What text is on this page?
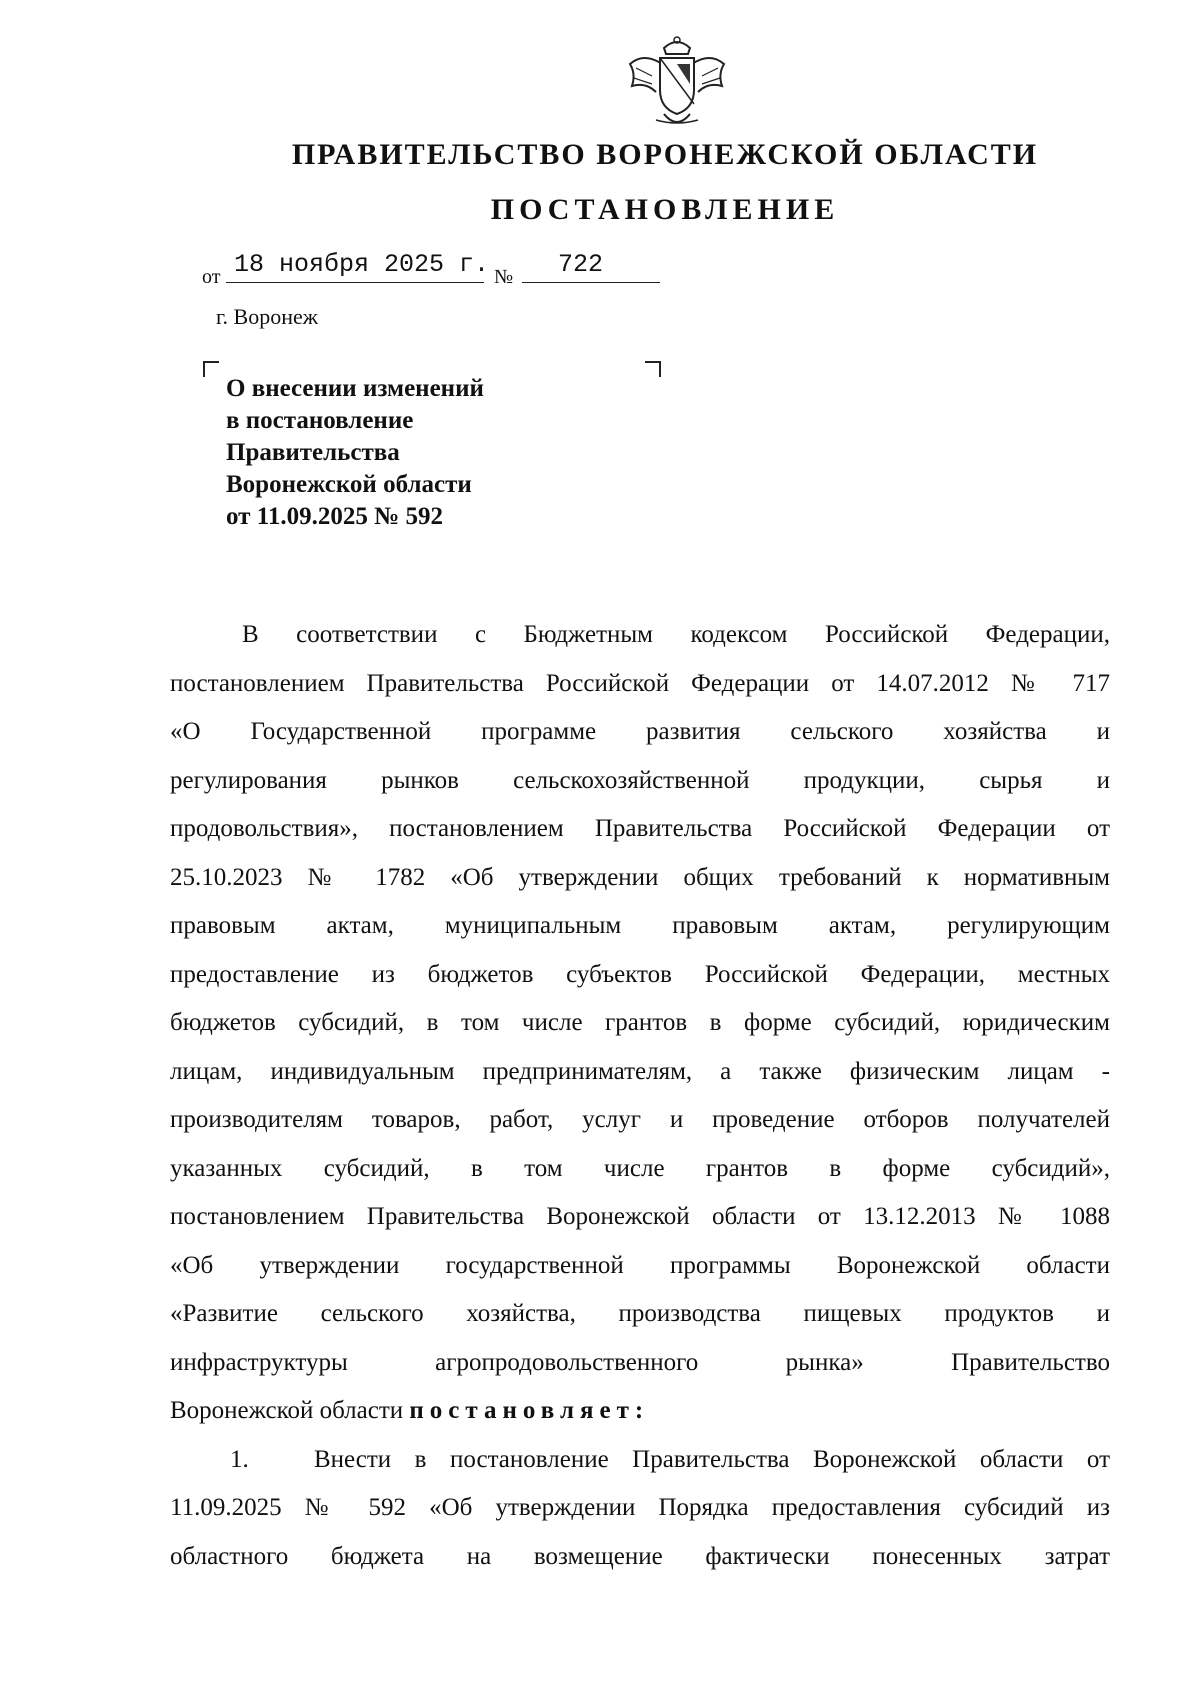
ПРАВИТЕЛЬСТВО ВОРОНЕЖСКОЙ ОБЛАСТИ
ПОСТАНОВЛЕНИЕ
от 18 ноября 2025 г. № 722
г. Воронеж
О внесении изменений
в постановление
Правительства
Воронежской области
от 11.09.2025 № 592
В соответствии с Бюджетным кодексом Российской Федерации,
постановлением Правительства Российской Федерации от 14.07.2012 № 717
«О Государственной программе развития сельского хозяйства и
регулирования рынков сельскохозяйственной продукции, сырья и
продовольствия», постановлением Правительства Российской Федерации от
25.10.2023 № 1782 «Об утверждении общих требований к нормативным
правовым актам, муниципальным правовым актам, регулирующим
предоставление из бюджетов субъектов Российской Федерации, местных
бюджетов субсидий, в том числе грантов в форме субсидий, юридическим
лицам, индивидуальным предпринимателям, а также физическим лицам -
производителям товаров, работ, услуг и проведение отборов получателей
указанных субсидий, в том числе грантов в форме субсидий»,
постановлением Правительства Воронежской области от 13.12.2013 № 1088
«Об утверждении государственной программы Воронежской области
«Развитие сельского хозяйства, производства пищевых продуктов и
инфраструктуры агропродовольственного рынка» Правительство
Воронежской области постановляет:
1.	Внести в постановление Правительства Воронежской области от
11.09.2025 № 592 «Об утверждении Порядка предоставления субсидий из
областного бюджета на возмещение фактически понесенных затрат
